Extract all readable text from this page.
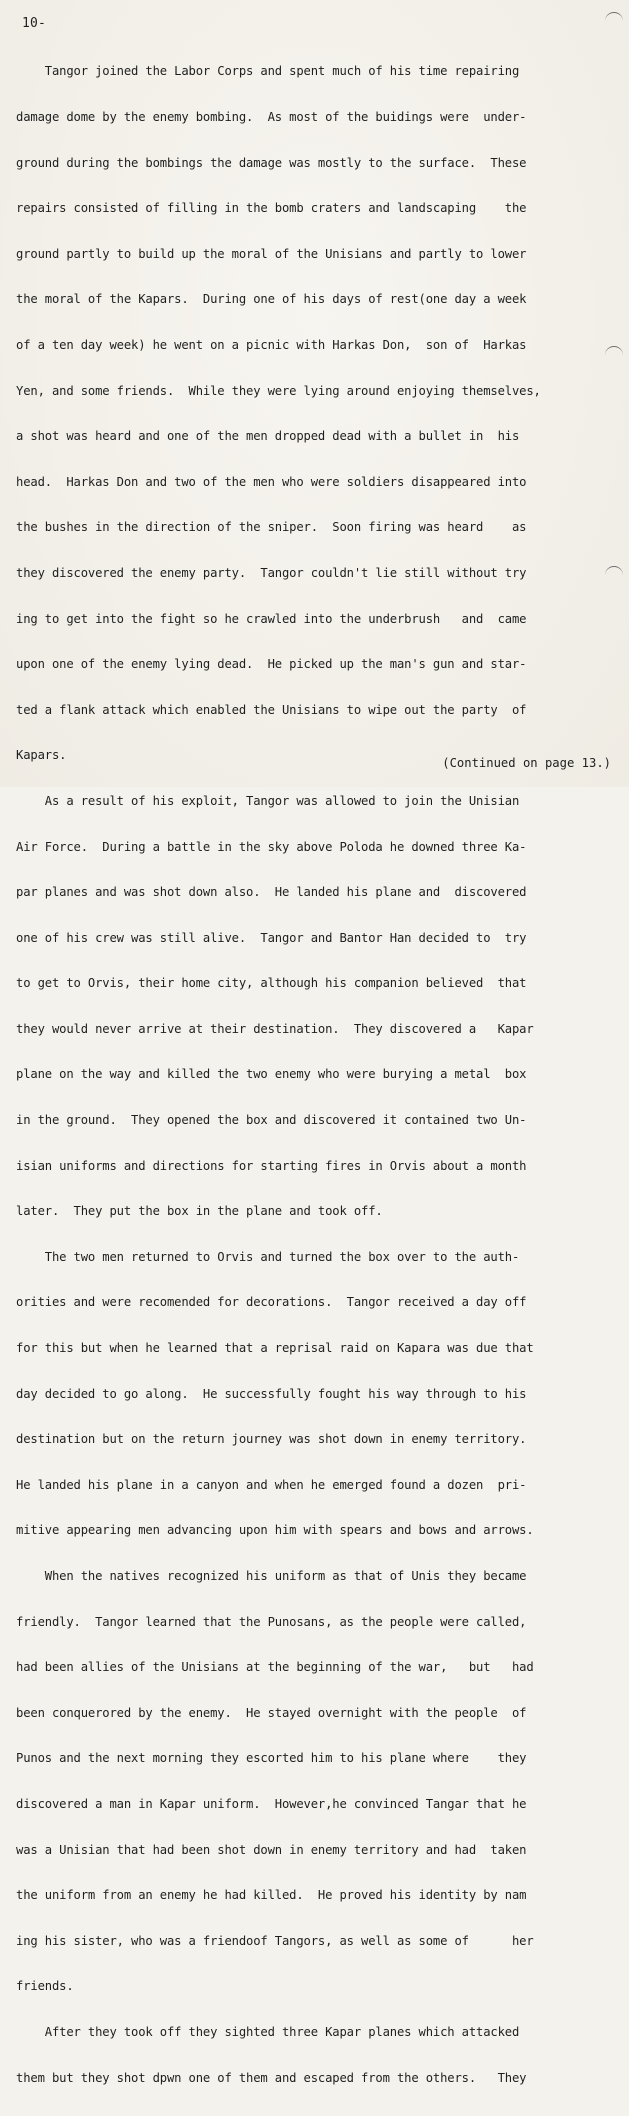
10-

Tangor joined the Labor Corps and spent much of his time repairing

damage dome by the enemy bombing.  As most of the buidings were  under-

ground during the bombings the damage was mostly to the surface.  These

repairs consisted of filling in the bomb craters and landscaping    the

ground partly to build up the moral of the Unisians and partly to lower

the moral of the Kapars.  During one of his days of rest(one day a week

of a ten day week) he went on a picnic with Harkas Don,  son of  Harkas

Yen, and some friends.  While they were lying around enjoying themselves,

a shot was heard and one of the men dropped dead with a bullet in  his

head.  Harkas Don and two of the men who were soldiers disappeared into

the bushes in the direction of the sniper.  Soon firing was heard    as

they discovered the enemy party.  Tangor couldn't lie still without try

ing to get into the fight so he crawled into the underbrush   and  came

upon one of the enemy lying dead.  He picked up the man's gun and star-

ted a flank attack which enabled the Unisians to wipe out the party  of

Kapars.

As a result of his exploit, Tangor was allowed to join the Unisian

Air Force.  During a battle in the sky above Poloda he downed three Ka-

par planes and was shot down also.  He landed his plane and  discovered

one of his crew was still alive.  Tangor and Bantor Han decided to  try

to get to Orvis, their home city, although his companion believed  that

they would never arrive at their destination.  They discovered a   Kapar

plane on the way and killed the two enemy who were burying a metal  box

in the ground.  They opened the box and discovered it contained two Un-

isian uniforms and directions for starting fires in Orvis about a month

later.  They put the box in the plane and took off.

The two men returned to Orvis and turned the box over to the auth-

orities and were recomended for decorations.  Tangor received a day off

for this but when he learned that a reprisal raid on Kapara was due that

day decided to go along.  He successfully fought his way through to his

destination but on the return journey was shot down in enemy territory.

He landed his plane in a canyon and when he emerged found a dozen  pri-

mitive appearing men advancing upon him with spears and bows and arrows.

When the natives recognized his uniform as that of Unis they became

friendly.  Tangor learned that the Punosans, as the people were called,

had been allies of the Unisians at the beginning of the war,   but   had

been conquerored by the enemy.  He stayed overnight with the people  of

Punos and the next morning they escorted him to his plane where    they

discovered a man in Kapar uniform.  However,he convinced Tangar that he

was a Unisian that had been shot down in enemy territory and had  taken

the uniform from an enemy he had killed.  He proved his identity by nam

ing his sister, who was a friendoof Tangors, as well as some of      her

friends.

After they took off they sighted three Kapar planes which attacked

them but they shot dpwn one of them and escaped from the others.   They

(Continued on page 13.)
